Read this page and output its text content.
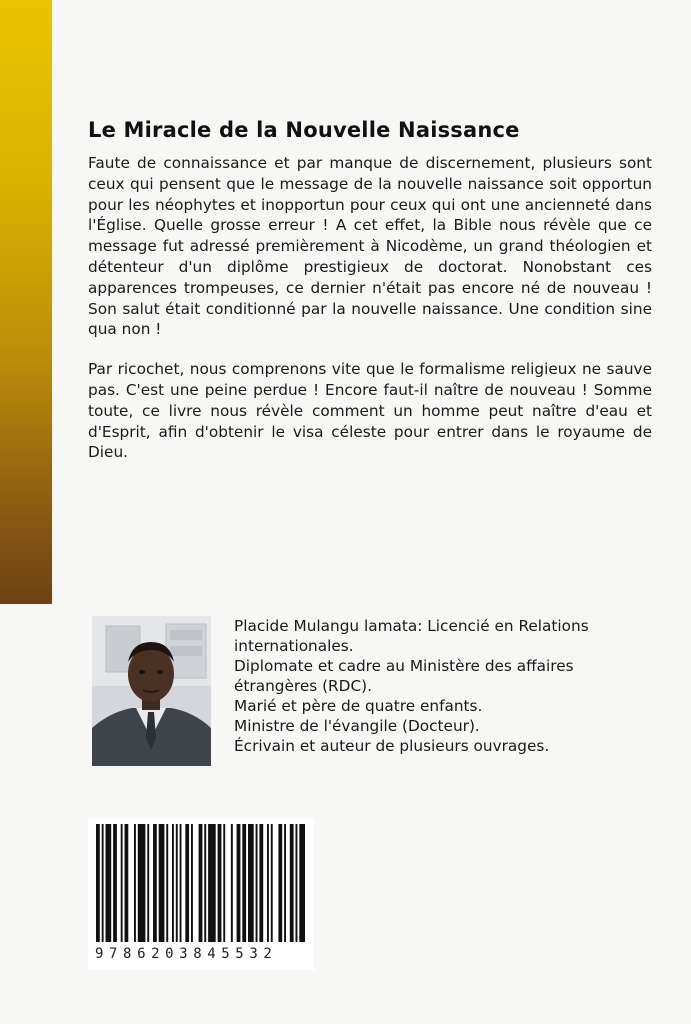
Le Miracle de la Nouvelle Naissance

Faute de connaissance et par manque de discernement, plusieurs sont ceux qui pensent que le message de la nouvelle naissance soit opportun pour les néophytes et inopportun pour ceux qui ont une ancienneté dans l'Église. Quelle grosse erreur ! A cet effet, la Bible nous révèle que ce message fut adressé premièrement à Nicodème, un grand théologien et détenteur d'un diplôme prestigieux de doctorat. Nonobstant ces apparences trompeuses, ce dernier n'était pas encore né de nouveau ! Son salut était conditionné par la nouvelle naissance. Une condition sine qua non !

Par ricochet, nous comprenons vite que le formalisme religieux ne sauve pas. C'est une peine perdue ! Encore faut-il naître de nouveau ! Somme toute, ce livre nous révèle comment un homme peut naître d'eau et d'Esprit, afin d'obtenir le visa céleste pour entrer dans le royaume de Dieu.

Placide Mulangu lamata: Licencié en Relations internationales.

Diplomate et cadre au Ministère des affaires étrangères (RDC).

Marié et père de quatre enfants.

Ministre de l'évangile (Docteur).

Écrivain et auteur de plusieurs ouvrages.

9786203845532
